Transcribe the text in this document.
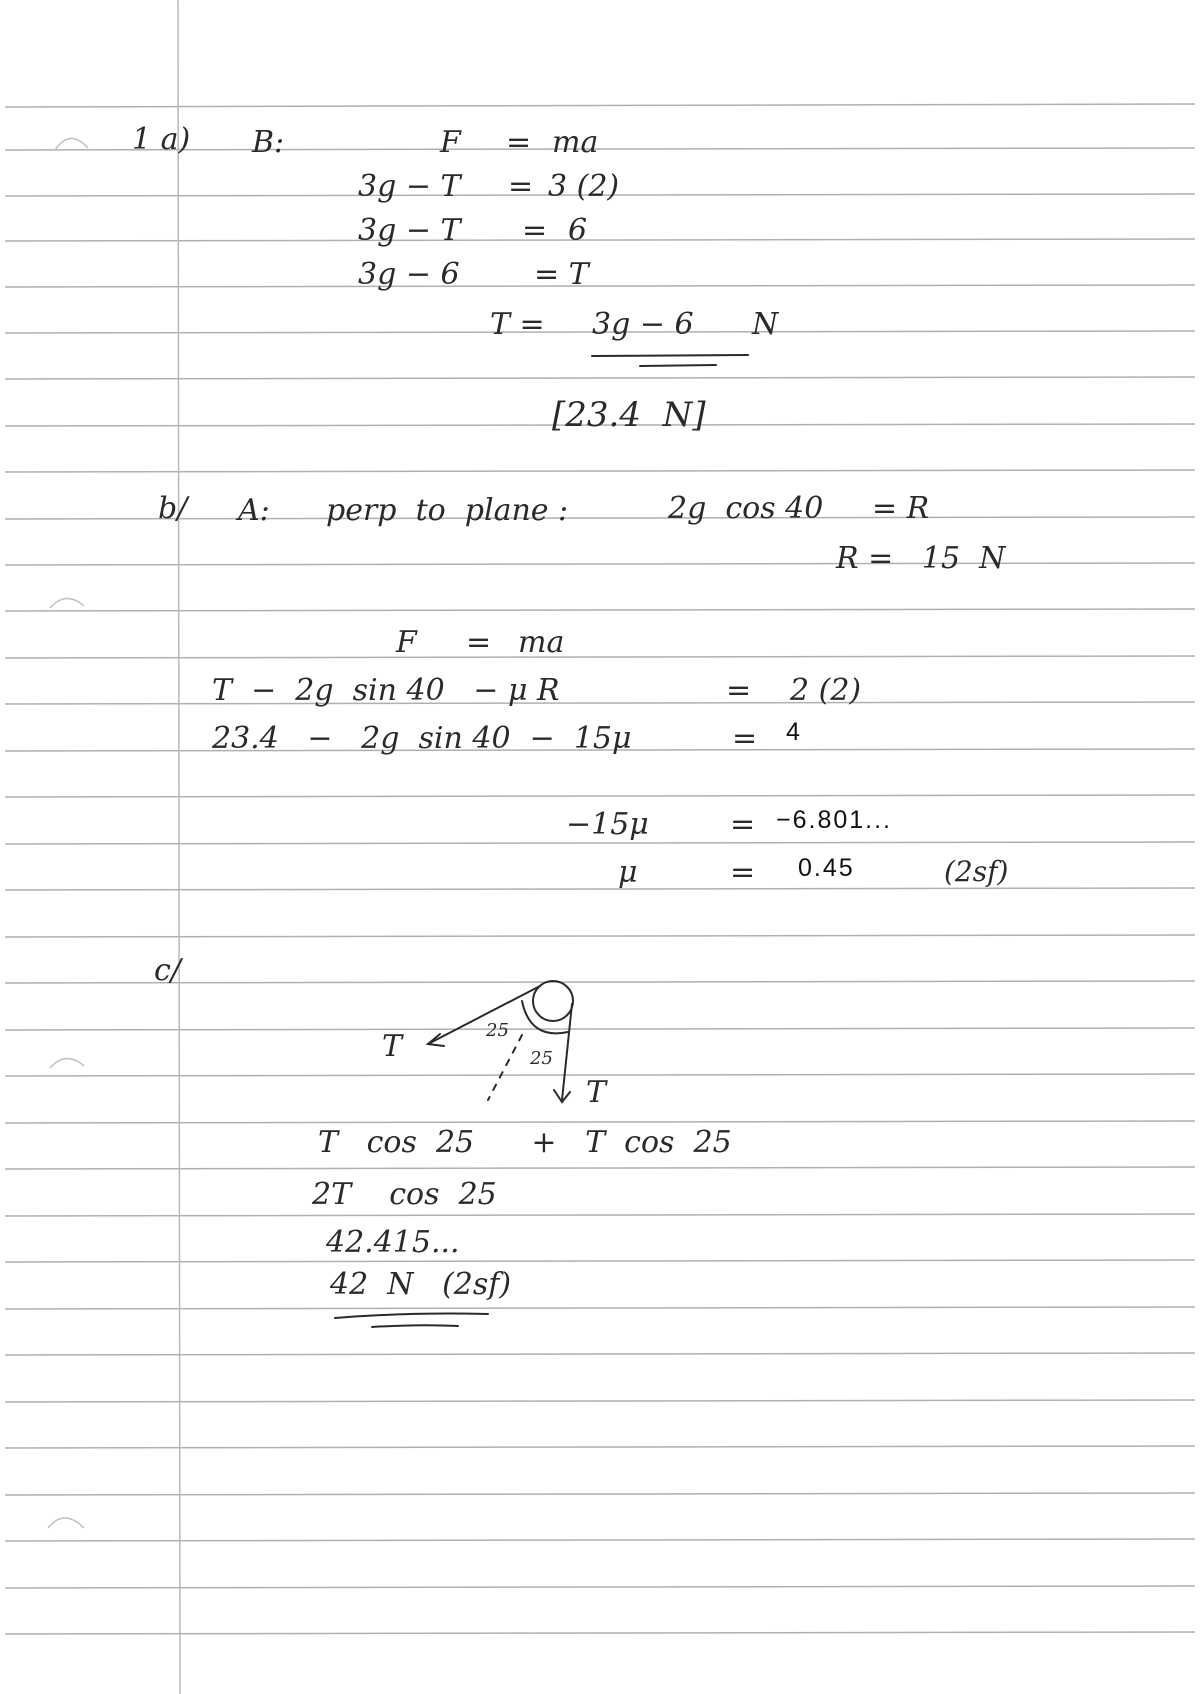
1 a) B:	F = ma
3g − T = 3 (2)
3g − T = 6
3g − 6 = T
T = 3g − 6 N
[23.4  N]
b/ A: perp  to  plane :	2g  cos 40 = R
R =   15  N
F = ma
T  −  2g  sin 40   − μ R	= 2 (2)
23.4   −   2g  sin 40  −  15μ	= 4
−15μ	= −6.801...
μ	= 0.45	(2sf)
c/
T	25
25
T
T   cos  25      +   T  cos  25
2T    cos  25
42.415...
42  N   (2sf)
